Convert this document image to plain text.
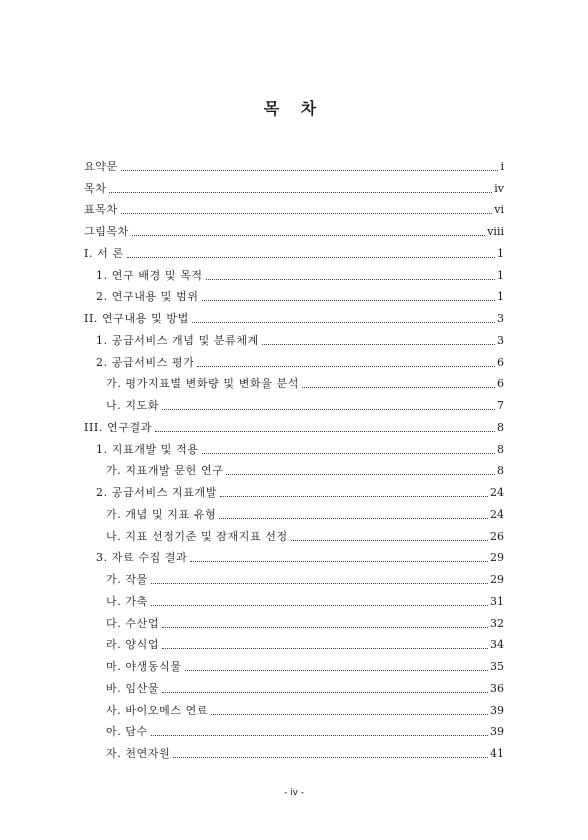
목 차
요약문	i
목차	iv
표목차	vi
그림목차	viii
I. 서 론	1
1. 연구 배경 및 목적	1
2. 연구내용 및 범위	1
II. 연구내용 및 방법	3
1. 공급서비스 개념 및 분류체계	3
2. 공급서비스 평가	6
가. 평가지표별 변화량 및 변화율 분석	6
나. 지도화	7
III. 연구결과	8
1. 지표개발 및 적용	8
가. 지표개발 문헌 연구	8
2. 공급서비스 지표개발	24
가. 개념 및 지표 유형	24
나. 지표 선정기준 및 잠재지표 선정	26
3. 자료 수집 결과	29
가. 작물	29
나. 가축	31
다. 수산업	32
라. 양식업	34
마. 야생동식물	35
바. 임산물	36
사. 바이오메스 연료	39
아. 담수	39
자. 천연자원	41
- iv -
